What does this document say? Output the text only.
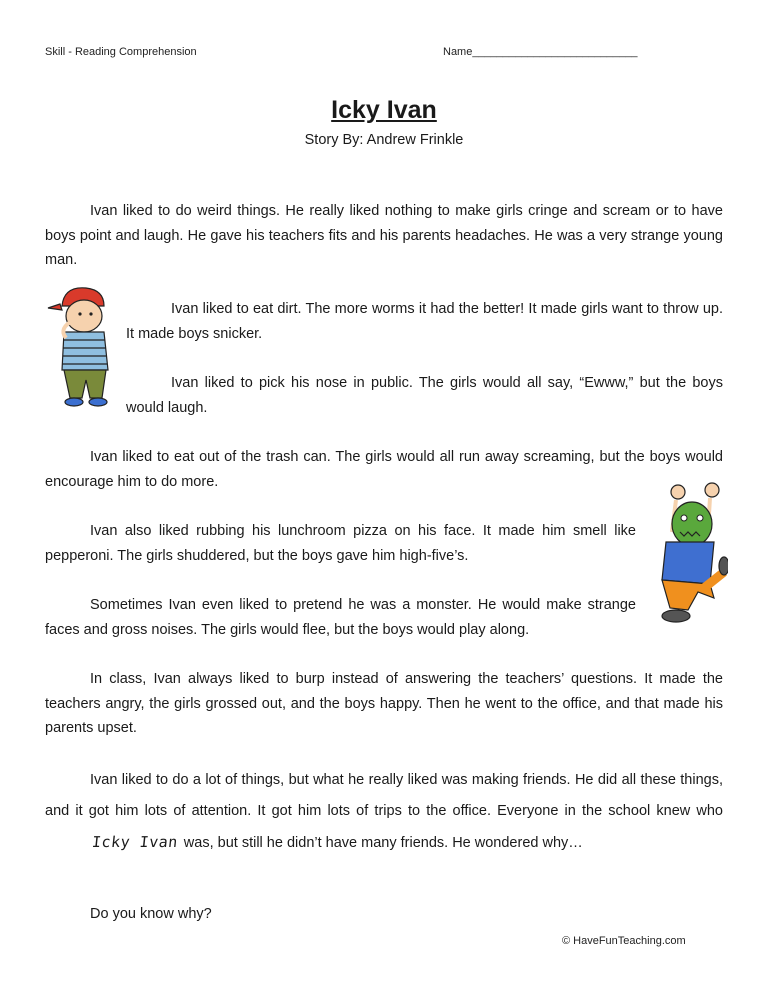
Skill - Reading Comprehension	Name___________________________
Icky Ivan
Story By: Andrew Frinkle

Ivan liked to do weird things. He really liked nothing to make girls cringe and scream or to have boys point and laugh. He gave his teachers fits and his parents headaches. He was a very strange young man.

Ivan liked to eat dirt. The more worms it had the better! It made girls want to throw up. It made boys snicker.

Ivan liked to pick his nose in public. The girls would all say, “Ewww,” but the boys would laugh.

Ivan liked to eat out of the trash can. The girls would all run away screaming, but the boys would encourage him to do more.

Ivan also liked rubbing his lunchroom pizza on his face. It made him smell like pepperoni. The girls shuddered, but the boys gave him high-five’s.

Sometimes Ivan even liked to pretend he was a monster. He would make strange faces and gross noises. The girls would flee, but the boys would play along.

In class, Ivan always liked to burp instead of answering the teachers’ questions. It made the teachers angry, the girls grossed out, and the boys happy. Then he went to the office, and that made his parents upset.

Ivan liked to do a lot of things, but what he really liked was making friends. He did all these things, and it got him lots of attention. It got him lots of trips to the office. Everyone in the school knew who Icky Ivan was, but still he didn’t have many friends. He wondered why…

Do you know why?

© HaveFunTeaching.com
